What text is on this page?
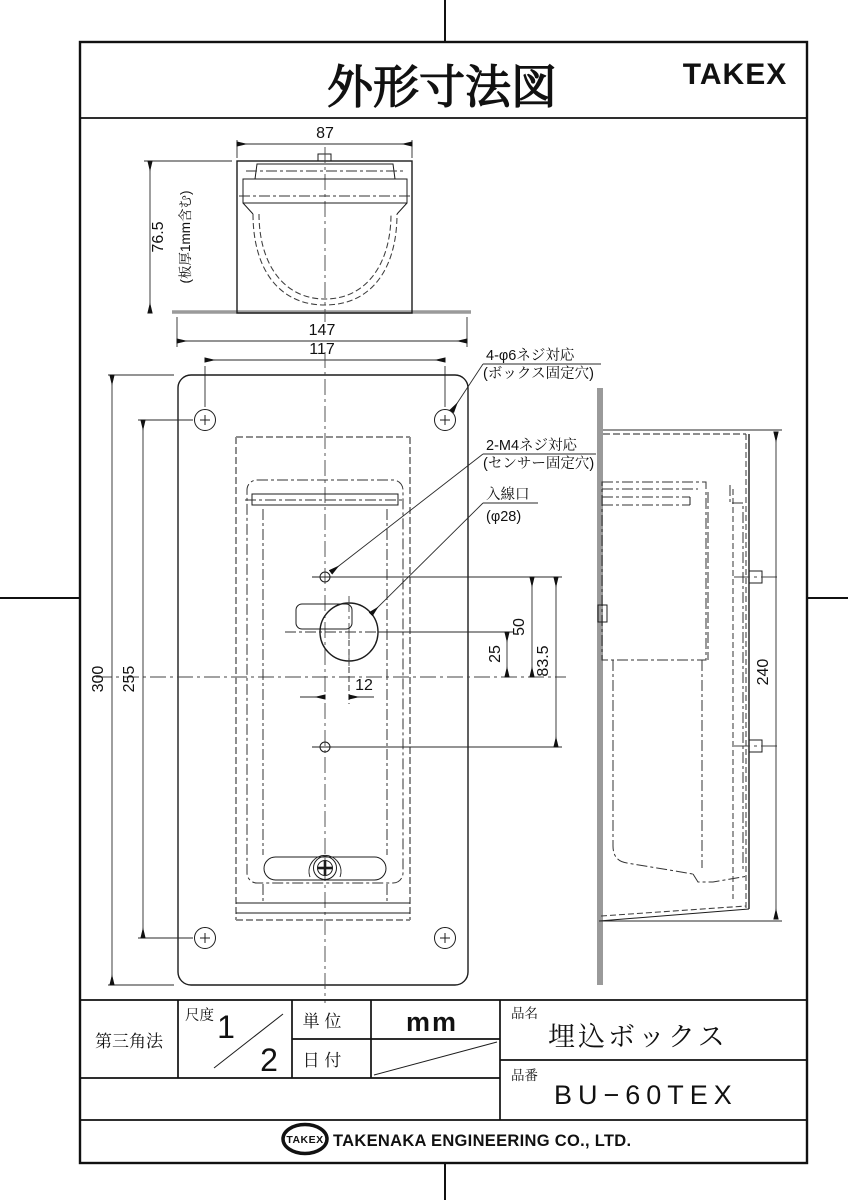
外形寸法図	TAKEX
87
76.5 (板厚1mm含む)
147
117
300 255
25
50
83.5
12
4-φ6ネジ対応
(ボックス固定穴)
2-M4ネジ対応
(センサー固定穴)
入線口
(φ28)
240
第三角法
尺度 1
2
単 位 mm
日 付
品名
埋込ボックス
品番
BU−60TEX
TAKEX TAKENAKA ENGINEERING CO., LTD.
